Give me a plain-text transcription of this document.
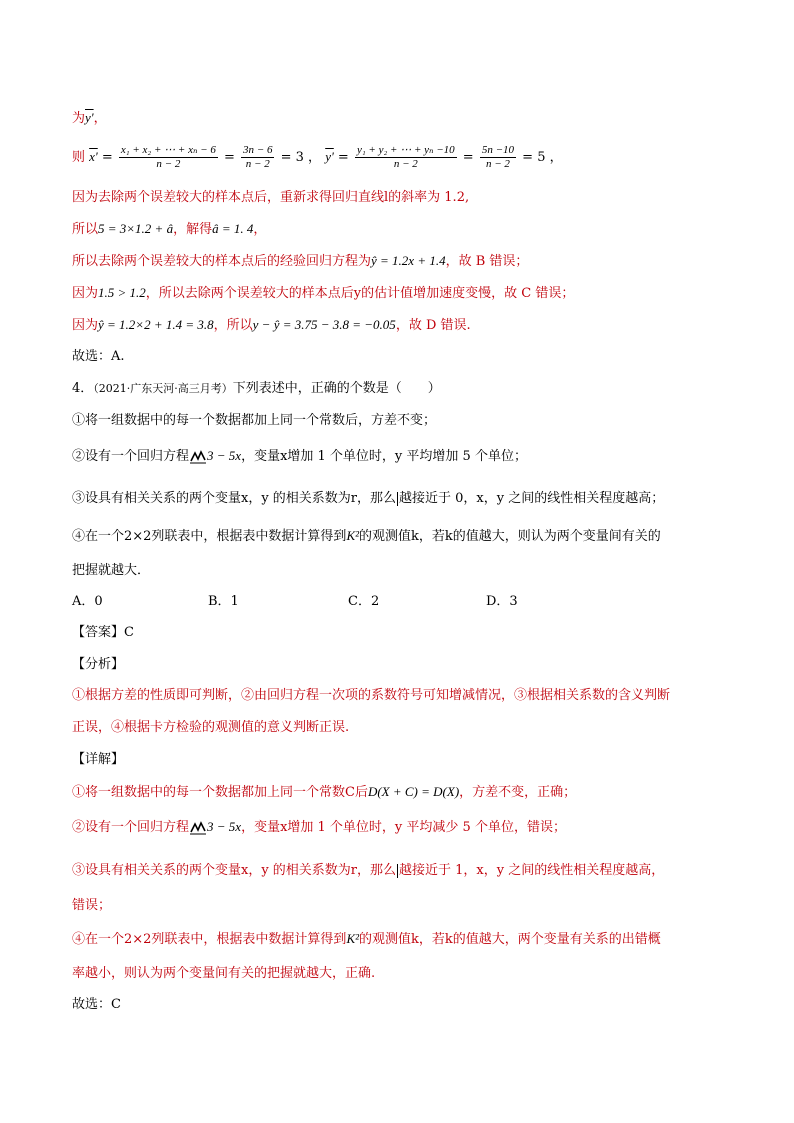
为y'，
则 $x' = \frac{\text{x₁ + x₂ + ⋯ + xₙ − 6}}{n - 2} = \frac{3n - 6}{n - 2} = 3$ ， $y' = \frac{\text{y₁ + y₂ + ⋯ + yₙ −10}}{n - 2} = \frac{5n -10}{n - 2} = 5$ ，
因为去除两个误差较大的样本点后，重新求得回归直线l的斜率为 1.2,
所以5 = 3×1.2 + â，解得â = 1. 4，
所以去除两个误差较大的样本点后的经验回归方程为ŷ = 1.2x + 1.4，故 B 错误；
因为1.5 > 1.2，所以去除两个误差较大的样本点后y的估计值增加速度变慢，故 C 错误；
因为ŷ = 1.2×2 + 1.4 = 3.8，所以y − ŷ = 3.75 − 3.8 = −0.05，故 D 错误.
故选：A.
4．（2021·广东天河·高三月考）下列表述中，正确的个数是（　　）
①将一组数据中的每一个数据都加上同一个常数后，方差不变；
②设有一个回归方程 3 − 5x，变量x增加 1 个单位时，y 平均增加 5 个单位；
③设具有相关关系的两个变量x，y 的相关系数为r，那么 越接近于 0，x，y 之间的线性相关程度越高；
④在一个2×2列联表中，根据表中数据计算得到K²的观测值k，若k的值越大，则认为两个变量间有关的
把握就越大．
A．0	B．1	C．2	D．3
【答案】C
【分析】
①根据方差的性质即可判断，②由回归方程一次项的系数符号可知增减情况，③根据相关系数的含义判断
正误，④根据卡方检验的观测值的意义判断正误.
【详解】
①将一组数据中的每一个数据都加上同一个常数C后D(X + C) = D(X)，方差不变，正确；
②设有一个回归方程 3 − 5x，变量x增加 1 个单位时，y 平均减少 5 个单位，错误；
③设具有相关关系的两个变量x，y 的相关系数为r，那么 越接近于 1，x，y 之间的线性相关程度越高，
错误；
④在一个2×2列联表中，根据表中数据计算得到K²的观测值k，若k的值越大，两个变量有关系的出错概
率越小，则认为两个变量间有关的把握就越大，正确.
故选：C
